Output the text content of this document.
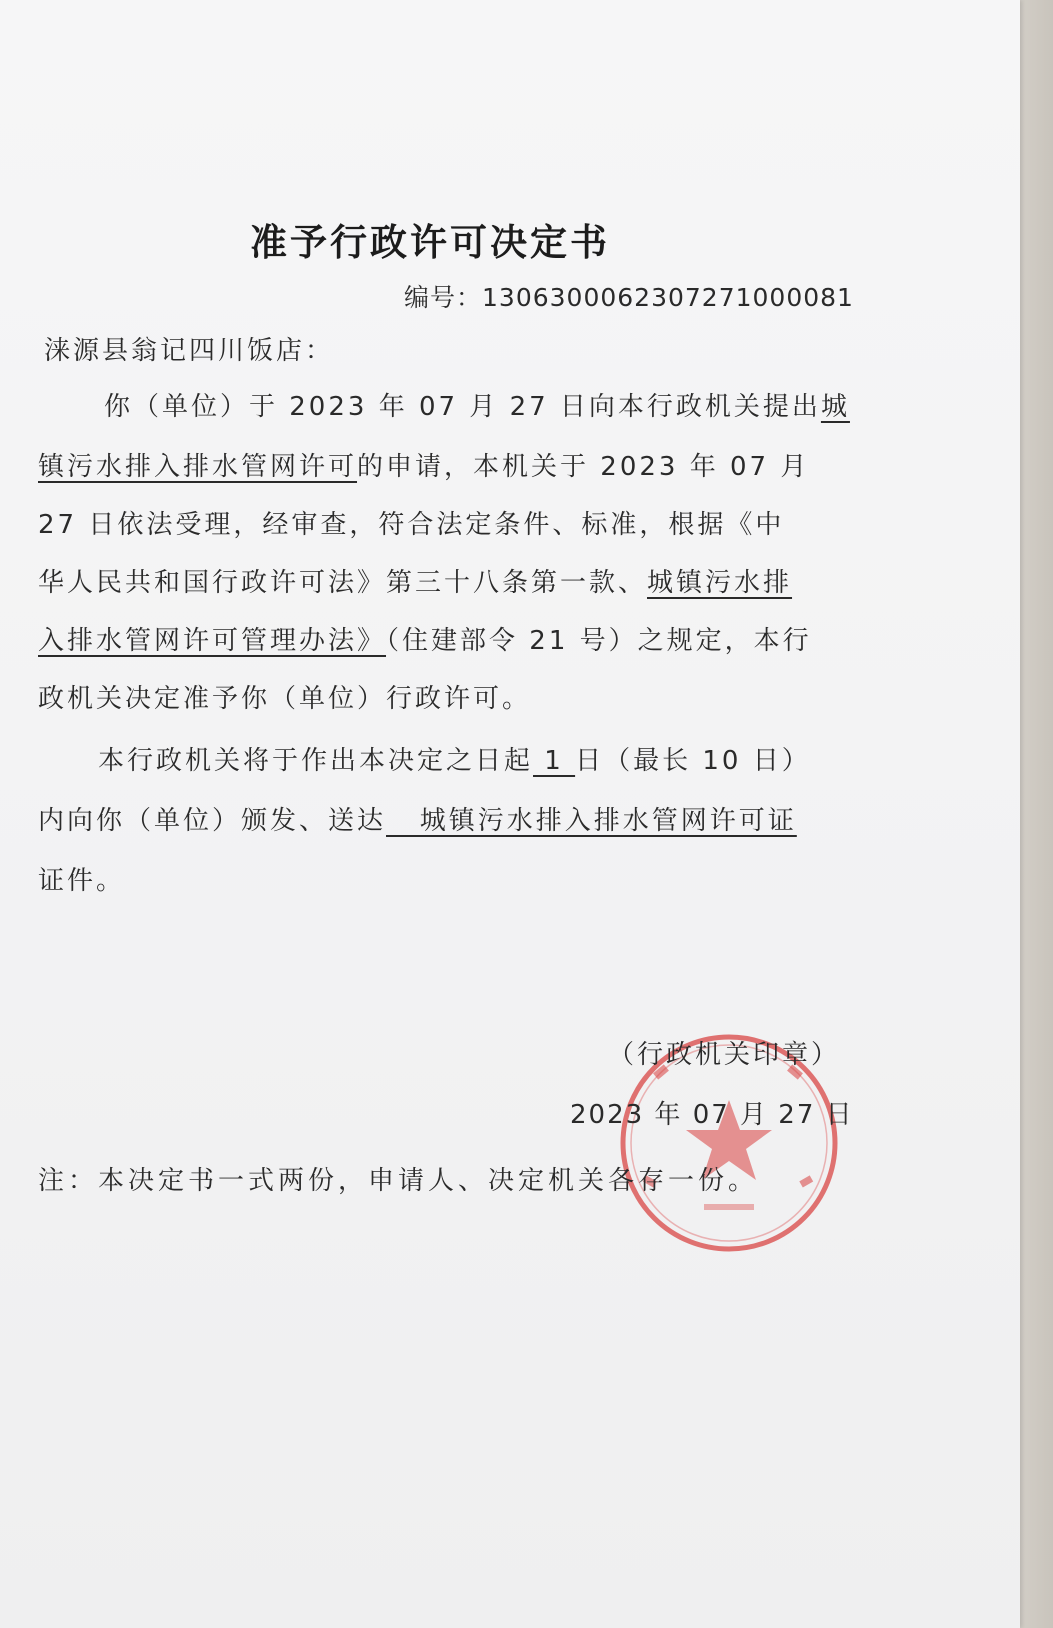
准予行政许可决定书
编号：130630006230727100008​1
涞源县翁记四川饭店：
你（单位）于 2023 年 07 月 27 日向本行政机关提出城
镇污水排入排水管网许可的申请，本机关于 2023 年 07 月
27 日依法受理，经审查，符合法定条件、标准，根据《中
华人民共和国行政许可法》第三十八条第一款、城镇污水排
入排水管网许可管理办法》（住建部令 21 号）之规定，本行
政机关决定准予你（单位）行政许可。
本行政机关将于作出本决定之日起 1 日（最长 10 日）
内向你（单位）颁发、送达   城镇污水排入排水管网许可证
证件。
（行政机关印章）
2023 年 07 月 27 日
注：本决定书一式两份，申请人、决定机关各存一份。
